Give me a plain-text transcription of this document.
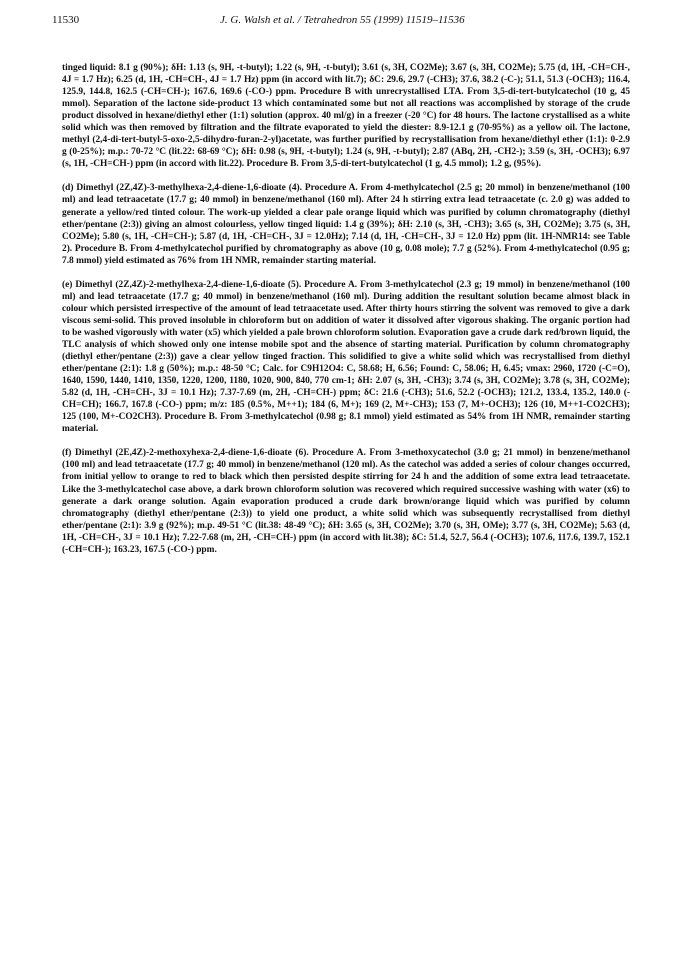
11530	J. G. Walsh et al. / Tetrahedron 55 (1999) 11519–11536

tinged liquid: 8.1 g (90%); δH: 1.13 (s, 9H, -t-butyl); 1.22 (s, 9H, -t-butyl); 3.61 (s, 3H, CO2Me); 3.67 (s, 3H, CO2Me); 5.75 (d, 1H, -CH=CH-, 4J = 1.7 Hz); 6.25 (d, 1H, -CH=CH-, 4J = 1.7 Hz) ppm (in accord with lit.7); δC: 29.6, 29.7 (-CH3); 37.6, 38.2 (-C-); 51.1, 51.3 (-OCH3); 116.4, 125.9, 144.8, 162.5 (-CH=CH-); 167.6, 169.6 (-CO-) ppm. Procedure B with unrecrystallised LTA. From 3,5-di-tert-butylcatechol (10 g, 45 mmol). Separation of the lactone side-product 13 which contaminated some but not all reactions was accomplished by storage of the crude product dissolved in hexane/diethyl ether (1:1) solution (approx. 40 ml/g) in a freezer (-20 °C) for 48 hours. The lactone crystallised as a white solid which was then removed by filtration and the filtrate evaporated to yield the diester: 8.9-12.1 g (70-95%) as a yellow oil. The lactone, methyl (2,4-di-tert-butyl-5-oxo-2,5-dihydro-furan-2-yl)acetate, was further purified by recrystallisation from hexane/diethyl ether (1:1): 0-2.9 g (0-25%); m.p.: 70-72 °C (lit.22: 68-69 °C); δH: 0.98 (s, 9H, -t-butyl); 1.24 (s, 9H, -t-butyl); 2.87 (ABq, 2H, -CH2-); 3.59 (s, 3H, -OCH3); 6.97 (s, 1H, -CH=CH-) ppm (in accord with lit.22). Procedure B. From 3,5-di-tert-butylcatechol (1 g, 4.5 mmol); 1.2 g, (95%).

(d) Dimethyl (2Z,4Z)-3-methylhexa-2,4-diene-1,6-dioate (4). Procedure A. From 4-methylcatechol (2.5 g; 20 mmol) in benzene/methanol (100 ml) and lead tetraacetate (17.7 g; 40 mmol) in benzene/methanol (160 ml). After 24 h stirring extra lead tetraacetate (c. 2.0 g) was added to generate a yellow/red tinted colour. The work-up yielded a clear pale orange liquid which was purified by column chromatography (diethyl ether/pentane (2:3)) giving an almost colourless, yellow tinged liquid: 1.4 g (39%); δH: 2.10 (s, 3H, -CH3); 3.65 (s, 3H, CO2Me); 3.75 (s, 3H, CO2Me); 5.80 (s, 1H, -CH=CH-); 5.87 (d, 1H, -CH=CH-, 3J = 12.0Hz); 7.14 (d, 1H, -CH=CH-, 3J = 12.0 Hz) ppm (lit. 1H-NMR14: see Table 2). Procedure B. From 4-methylcatechol purified by chromatography as above (10 g, 0.08 mole); 7.7 g (52%). From 4-methylcatechol (0.95 g; 7.8 mmol) yield estimated as 76% from 1H NMR, remainder starting material.

(e) Dimethyl (2Z,4Z)-2-methylhexa-2,4-diene-1,6-dioate (5). Procedure A. From 3-methylcatechol (2.3 g; 19 mmol) in benzene/methanol (100 ml) and lead tetraacetate (17.7 g; 40 mmol) in benzene/methanol (160 ml). During addition the resultant solution became almost black in colour which persisted irrespective of the amount of lead tetraacetate used. After thirty hours stirring the solvent was removed to give a dark viscous semi-solid. This proved insoluble in chloroform but on addition of water it dissolved after vigorous shaking. The organic portion had to be washed vigorously with water (x5) which yielded a pale brown chloroform solution. Evaporation gave a crude dark red/brown liquid, the TLC analysis of which showed only one intense mobile spot and the absence of starting material. Purification by column chromatography (diethyl ether/pentane (2:3)) gave a clear yellow tinged fraction. This solidified to give a white solid which was recrystallised from diethyl ether/pentane (2:1): 1.8 g (50%); m.p.: 48-50 °C; Calc. for C9H12O4: C, 58.68; H, 6.56; Found: C, 58.06; H, 6.45; νmax: 2960, 1720 (-C=O), 1640, 1590, 1440, 1410, 1350, 1220, 1200, 1180, 1020, 900, 840, 770 cm-1; δH: 2.07 (s, 3H, -CH3); 3.74 (s, 3H, CO2Me); 3.78 (s, 3H, CO2Me); 5.82 (d, 1H, -CH=CH-, 3J = 10.1 Hz); 7.37-7.69 (m, 2H, -CH=CH-) ppm; δC: 21.6 (-CH3); 51.6, 52.2 (-OCH3); 121.2, 133.4, 135.2, 140.0 (-CH=CH); 166.7, 167.8 (-CO-) ppm; m/z: 185 (0.5%, M++1); 184 (6, M+); 169 (2, M+-CH3); 153 (7, M+-OCH3); 126 (10, M++1-CO2CH3); 125 (100, M+-CO2CH3). Procedure B. From 3-methylcatechol (0.98 g; 8.1 mmol) yield estimated as 54% from 1H NMR, remainder starting material.

(f) Dimethyl (2E,4Z)-2-methoxyhexa-2,4-diene-1,6-dioate (6). Procedure A. From 3-methoxycatechol (3.0 g; 21 mmol) in benzene/methanol (100 ml) and lead tetraacetate (17.7 g; 40 mmol) in benzene/methanol (120 ml). As the catechol was added a series of colour changes occurred, from initial yellow to orange to red to black which then persisted despite stirring for 24 h and the addition of some extra lead tetraacetate. Like the 3-methylcatechol case above, a dark brown chloroform solution was recovered which required successive washing with water (x6) to generate a dark orange solution. Again evaporation produced a crude dark brown/orange liquid which was purified by column chromatography (diethyl ether/pentane (2:3)) to yield one product, a white solid which was subsequently recrystallised from diethyl ether/pentane (2:1): 3.9 g (92%); m.p. 49-51 °C (lit.38: 48-49 °C); δH: 3.65 (s, 3H, CO2Me); 3.70 (s, 3H, OMe); 3.77 (s, 3H, CO2Me); 5.63 (d, 1H, -CH=CH-, 3J = 10.1 Hz); 7.22-7.68 (m, 2H, -CH=CH-) ppm (in accord with lit.38); δC: 51.4, 52.7, 56.4 (-OCH3); 107.6, 117.6, 139.7, 152.1 (-CH=CH-); 163.23, 167.5 (-CO-) ppm.
